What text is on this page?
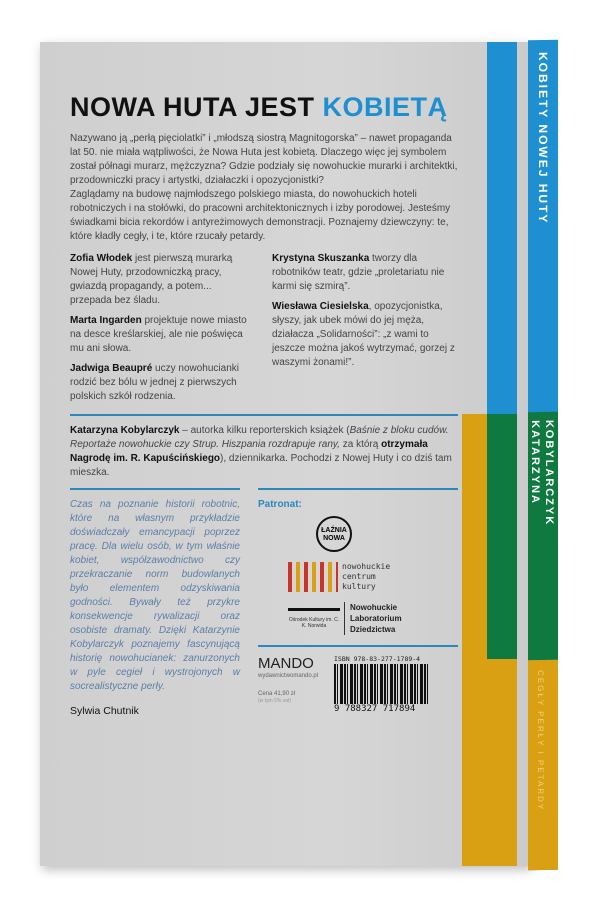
KOBIETY NOWEJ HUTY
KATARZYNA KOBYLARCZYK
CEGŁY PERŁY I PETARDY
NOWA HUTA JEST KOBIETĄ
Nazywano ją „perłą pięciolatki” i „młodszą siostrą Magnitogorska” – nawet propaganda lat 50. nie miała wątpliwości, że Nowa Huta jest kobietą. Dlaczego więc jej symbolem został półnagi murarz, mężczyzna? Gdzie podziały się nowohuckie murarki i architektki, przodowniczki pracy i artystki, działaczki i opozycjonistki?
Zaglądamy na budowę najmłodszego polskiego miasta, do nowohuckich hoteli robotniczych i na stołówki, do pracowni architektonicznych i izby porodowej. Jesteśmy świadkami bicia rekordów i antyreżimowych demonstracji. Poznajemy dziewczyny: te, które kładły cegły, i te, które rzucały petardy.
Zofia Włodek jest pierwszą murarką Nowej Huty, przodowniczką pracy, gwiazdą propagandy, a potem... przepada bez śladu.
Marta Ingarden projektuje nowe miasto na desce kreślarskiej, ale nie poświęca mu ani słowa.
Jadwiga Beaupré uczy nowohucianki rodzić bez bólu w jednej z pierwszych polskich szkół rodzenia.
Krystyna Skuszanka tworzy dla robotników teatr, gdzie „proletariatu nie karmi się szmirą”.
Wiesława Ciesielska, opozycjonistka, słyszy, jak ubek mówi do jej męża, działacza „Solidarności”: „z wami to jeszcze można jakoś wytrzymać, gorzej z waszymi żonami!”.
Katarzyna Kobylarczyk – autorka kilku reporterskich książek (Baśnie z bloku cudów. Reportaże nowohuckie czy Strup. Hiszpania rozdrapuje rany, za którą otrzymała Nagrodę im. R. Kapuścińskiego), dziennikarka. Pochodzi z Nowej Huty i co dziś tam mieszka.
Czas na poznanie historii robotnic, które na własnym przykładzie doświadczały emancypacji poprzez pracę. Dla wielu osób, w tym właśnie kobiet, współzawodnictwo czy przekraczanie norm budowlanych było elementem odzyskiwania godności. Bywały też przykre konsekwencje rywalizacji oraz osobiste dramaty. Dzięki Katarzynie Kobylarczyk poznajemy fascynującą historię nowohucianek: zanurzonych w pyle cegieł i wystrojonych w socrealistyczne perły.
Sylwia Chutnik
Patronat:
ŁAŹNIA NOWA
nowohuckie centrum kultury
Ośrodek Kultury im. C. K. Norwida
Nowohuckie Laboratorium Dziedzictwa
MANDO
wydawnictwomando.pl
Cena 41,90 zł
(w tym 5% vat)
ISBN 978-83-277-1789-4
9 788327 717894
